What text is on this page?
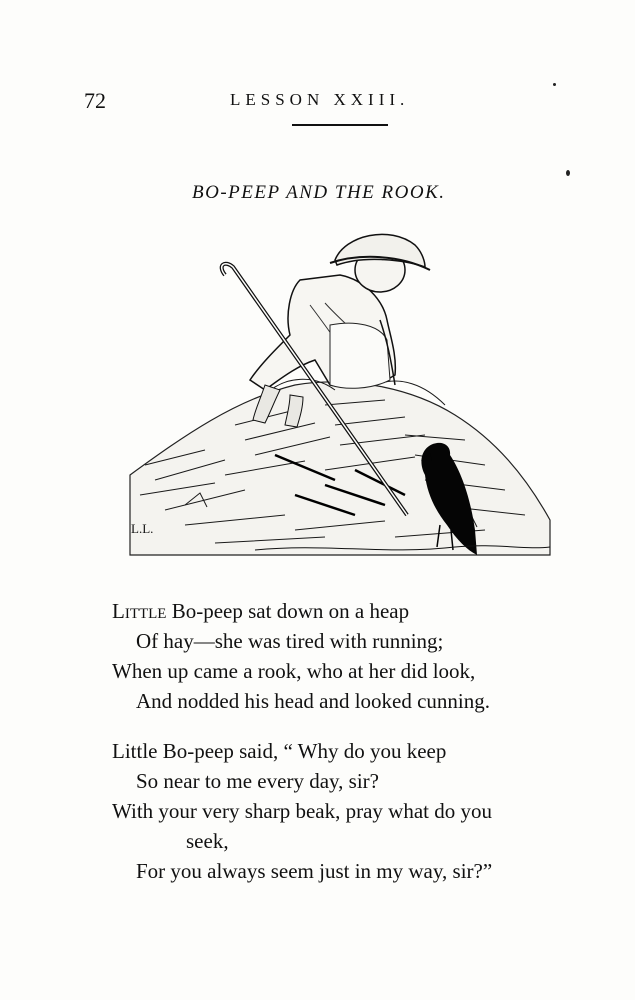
72	LESSON XXIII.
BO-PEEP AND THE ROOK.
L.L.
Little Bo-peep sat down on a heap
Of hay—she was tired with running;
When up came a rook, who at her did look,
And nodded his head and looked cunning.
Little Bo-peep said, “ Why do you keep
So near to me every day, sir?
With your very sharp beak, pray what do you
seek,
For you always seem just in my way, sir?”
